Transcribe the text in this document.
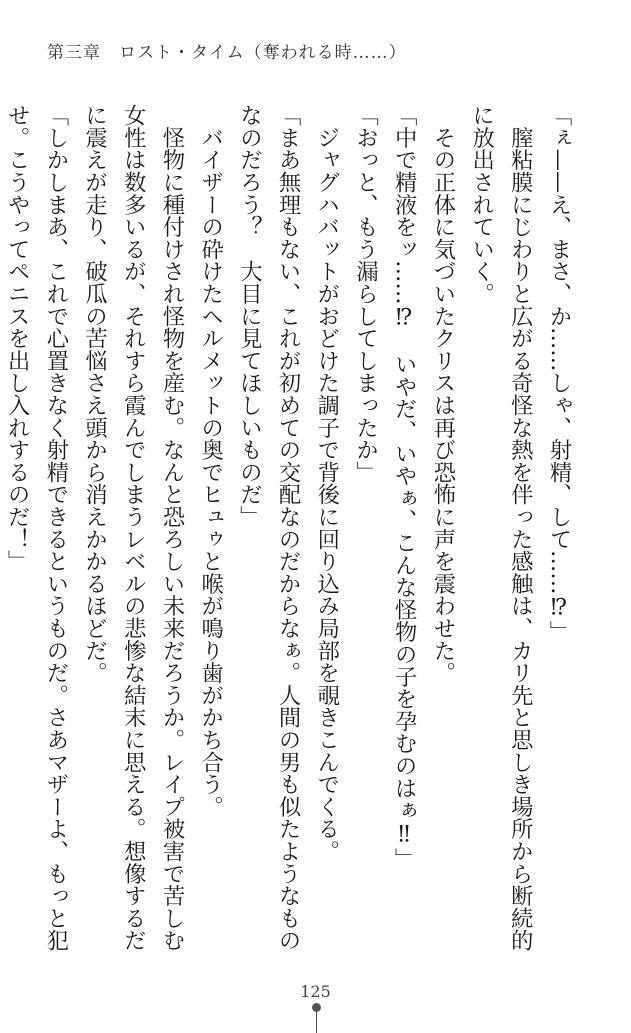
第三章　ロスト・タイム（奪われる時……）

「ぇ——え、まさ、か……しゃ、射精、して……⁉」

　膣粘膜にじわりと広がる奇怪な熱を伴った感触は、カリ先と思しき場所から断続的に放出されていく。

　その正体に気づいたクリスは再び恐怖に声を震わせた。

「中で精液をッ……⁉　いやだ、いやぁ、こんな怪物の子を孕むのはぁ‼」

「おっと、もう漏らしてしまったか」

　ジャグハバットがおどけた調子で背後に回り込み局部を覗きこんでくる。

「まあ無理もない、これが初めての交配なのだからなぁ。人間の男も似たようなものなのだろう？　大目に見てほしいものだ」

　バイザーの砕けたヘルメットの奥でヒュゥと喉が鳴り歯がかち合う。

　怪物に種付けされ怪物を産む。なんと恐ろしい未来だろうか。レイプ被害で苦しむ女性は数多いるが、それすら霞んでしまうレベルの悲惨な結末に思える。想像するだに震えが走り、破瓜の苦悩さえ頭から消えかかるほどだ。

「しかしまあ、これで心置きなく射精できるというものだ。さあマザーよ、もっと犯せ。こうやってペニスを出し入れするのだ！」

125
